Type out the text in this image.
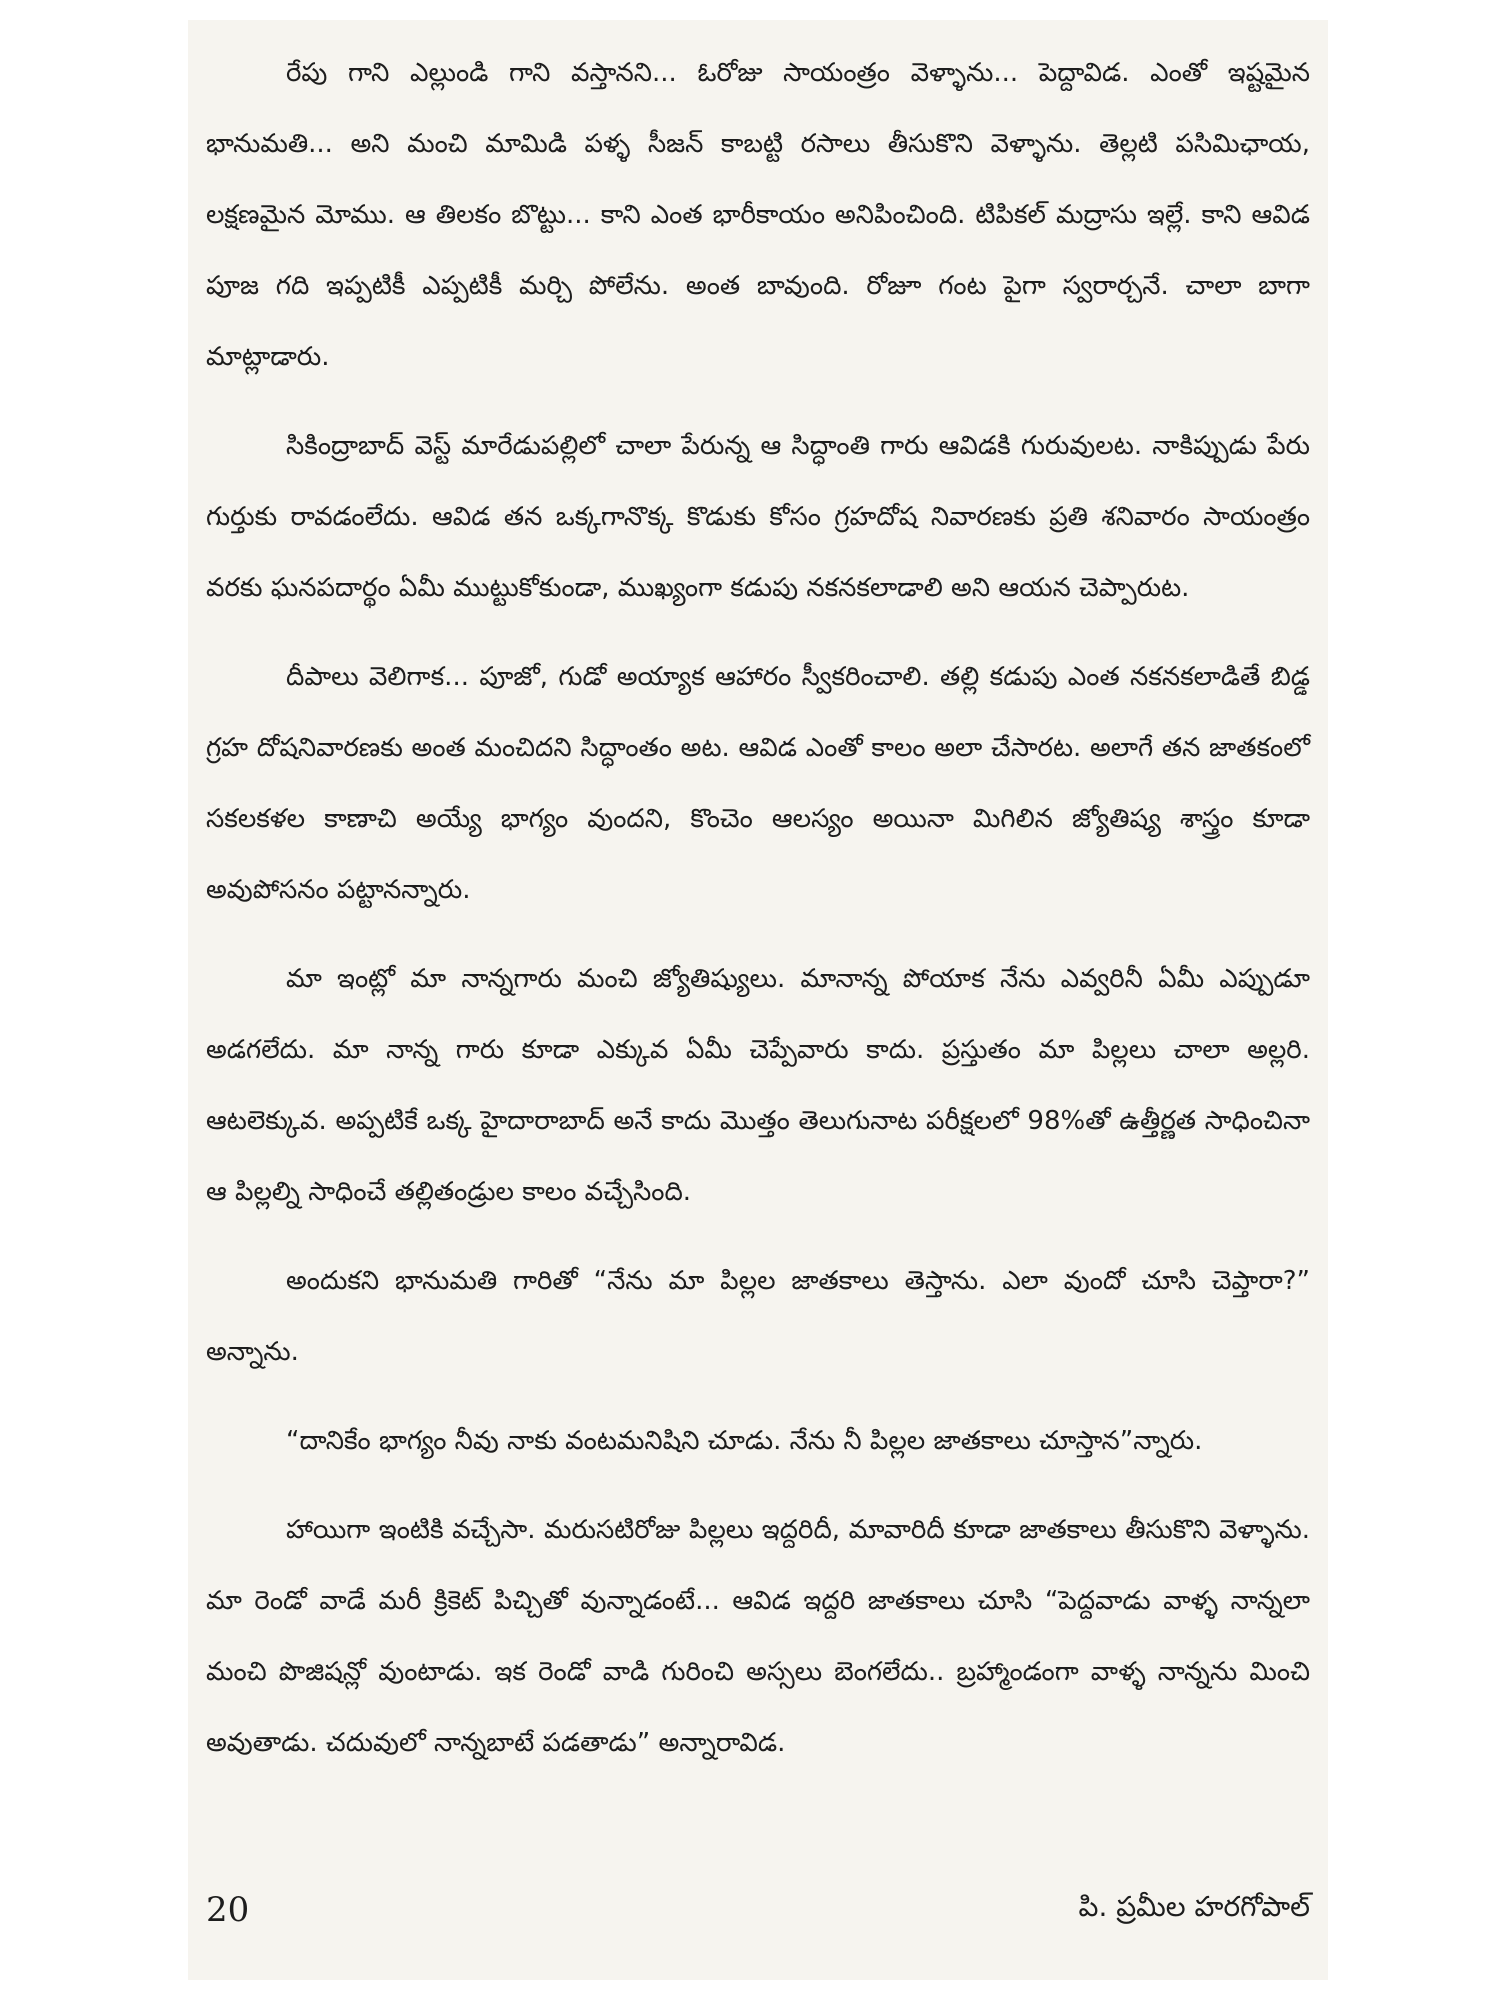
రేపు గాని ఎల్లుండి గాని వస్తానని... ఓరోజు సాయంత్రం వెళ్ళాను... పెద్దావిడ. ఎంతో ఇష్టమైన భానుమతి... అని మంచి మామిడి పళ్ళ సీజన్ కాబట్టి రసాలు తీసుకొని వెళ్ళాను. తెల్లటి పసిమిఛాయ, లక్షణమైన మోము. ఆ తిలకం బొట్టు... కాని ఎంత భారీకాయం అనిపించింది. టిపికల్ మద్రాసు ఇల్లే. కాని ఆవిడ పూజ గది ఇప్పటికీ ఎప్పటికీ మర్చి పోలేను. అంత బావుంది. రోజూ గంట పైగా స్వరార్చనే. చాలా బాగా మాట్లాడారు.

సికింద్రాబాద్ వెస్ట్ మారేడుపల్లిలో చాలా పేరున్న ఆ సిద్ధాంతి గారు ఆవిడకి గురువులట. నాకిప్పుడు పేరు గుర్తుకు రావడంలేదు. ఆవిడ తన ఒక్కగానొక్క కొడుకు కోసం గ్రహదోష నివారణకు ప్రతి శనివారం సాయంత్రం వరకు ఘనపదార్థం ఏమీ ముట్టుకోకుండా, ముఖ్యంగా కడుపు నకనకలాడాలి అని ఆయన చెప్పారుట.

దీపాలు వెలిగాక... పూజో, గుడో అయ్యాక ఆహారం స్వీకరించాలి. తల్లి కడుపు ఎంత నకనకలాడితే బిడ్డ గ్రహ దోషనివారణకు అంత మంచిదని సిద్ధాంతం అట. ఆవిడ ఎంతో కాలం అలా చేసారట. అలాగే తన జాతకంలో సకలకళల కాణాచి అయ్యే భాగ్యం వుందని, కొంచెం ఆలస్యం అయినా మిగిలిన జ్యోతిష్య శాస్త్రం కూడా అవుపోసనం పట్టానన్నారు.

మా ఇంట్లో మా నాన్నగారు మంచి జ్యోతిష్యులు. మానాన్న పోయాక నేను ఎవ్వరినీ ఏమీ ఎప్పుడూ అడగలేదు. మా నాన్న గారు కూడా ఎక్కువ ఏమీ చెప్పేవారు కాదు. ప్రస్తుతం మా పిల్లలు చాలా అల్లరి. ఆటలెక్కువ. అప్పటికే ఒక్క హైదారాబాద్ అనే కాదు మొత్తం తెలుగునాట పరీక్షలలో 98%తో ఉత్తీర్ణత సాధించినా ఆ పిల్లల్ని సాధించే తల్లితండ్రుల కాలం వచ్చేసింది.

అందుకని భానుమతి గారితో “నేను మా పిల్లల జాతకాలు తెస్తాను. ఎలా వుందో చూసి చెప్తారా?” అన్నాను.

“దానికేం భాగ్యం నీవు నాకు వంటమనిషిని చూడు. నేను నీ పిల్లల జాతకాలు చూస్తాన”న్నారు.

హాయిగా ఇంటికి వచ్చేసా. మరుసటిరోజు పిల్లలు ఇద్దరిదీ, మావారిదీ కూడా జాతకాలు తీసుకొని వెళ్ళాను. మా రెండో వాడే మరీ క్రికెట్ పిచ్చితో వున్నాడంటే... ఆవిడ ఇద్దరి జాతకాలు చూసి “పెద్దవాడు వాళ్ళ నాన్నలా మంచి పొజిషన్లో వుంటాడు. ఇక రెండో వాడి గురించి అస్సలు బెంగలేదు.. బ్రహ్మాండంగా వాళ్ళ నాన్నను మించి అవుతాడు. చదువులో నాన్నబాటే పడతాడు” అన్నారావిడ.

20	పి. ప్రమీల హరగోపాల్
